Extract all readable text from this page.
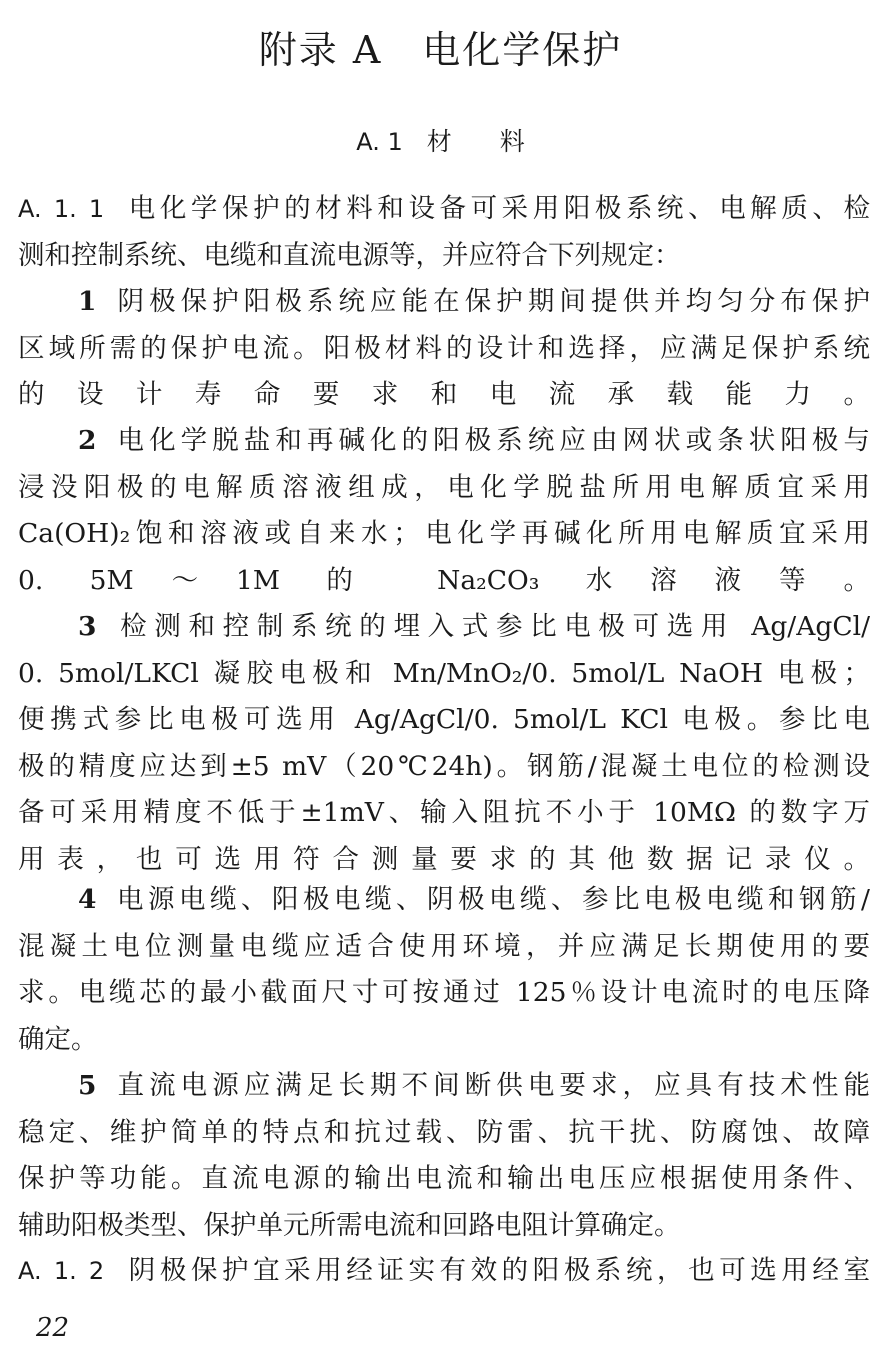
附录 A　电化学保护
A. 1 材 料
A. 1. 1 电化学保护的材料和设备可采用阳极系统、电解质、检
测和控制系统、电缆和直流电源等，并应符合下列规定：
1 阴极保护阳极系统应能在保护期间提供并均匀分布保护
区域所需的保护电流。阳极材料的设计和选择，应满足保护系统
的设计寿命要求和电流承载能力。
2 电化学脱盐和再碱化的阳极系统应由网状或条状阳极与
浸没阳极的电解质溶液组成，电化学脱盐所用电解质宜采用
Ca(OH)₂饱和溶液或自来水；电化学再碱化所用电解质宜采用
0. 5M～1M 的 Na₂CO₃ 水溶液等。
3 检测和控制系统的埋入式参比电极可选用 Ag/AgCl/
0. 5mol/LKCl 凝胶电极和 Mn/MnO₂/0. 5mol/L NaOH 电极；
便携式参比电极可选用 Ag/AgCl/0. 5mol/L KCl 电极。参比电
极的精度应达到±5 mV（20℃24h)。钢筋/混凝土电位的检测设
备可采用精度不低于±1mV、输入阻抗不小于 10MΩ 的数字万
用表，也可选用符合测量要求的其他数据记录仪。
4 电源电缆、阳极电缆、阴极电缆、参比电极电缆和钢筋/
混凝土电位测量电缆应适合使用环境，并应满足长期使用的要
求。电缆芯的最小截面尺寸可按通过 125％设计电流时的电压降
确定。
5 直流电源应满足长期不间断供电要求，应具有技术性能
稳定、维护简单的特点和抗过载、防雷、抗干扰、防腐蚀、故障
保护等功能。直流电源的输出电流和输出电压应根据使用条件、
辅助阳极类型、保护单元所需电流和回路电阻计算确定。
A. 1. 2 阴极保护宜采用经证实有效的阳极系统，也可选用经室
22
